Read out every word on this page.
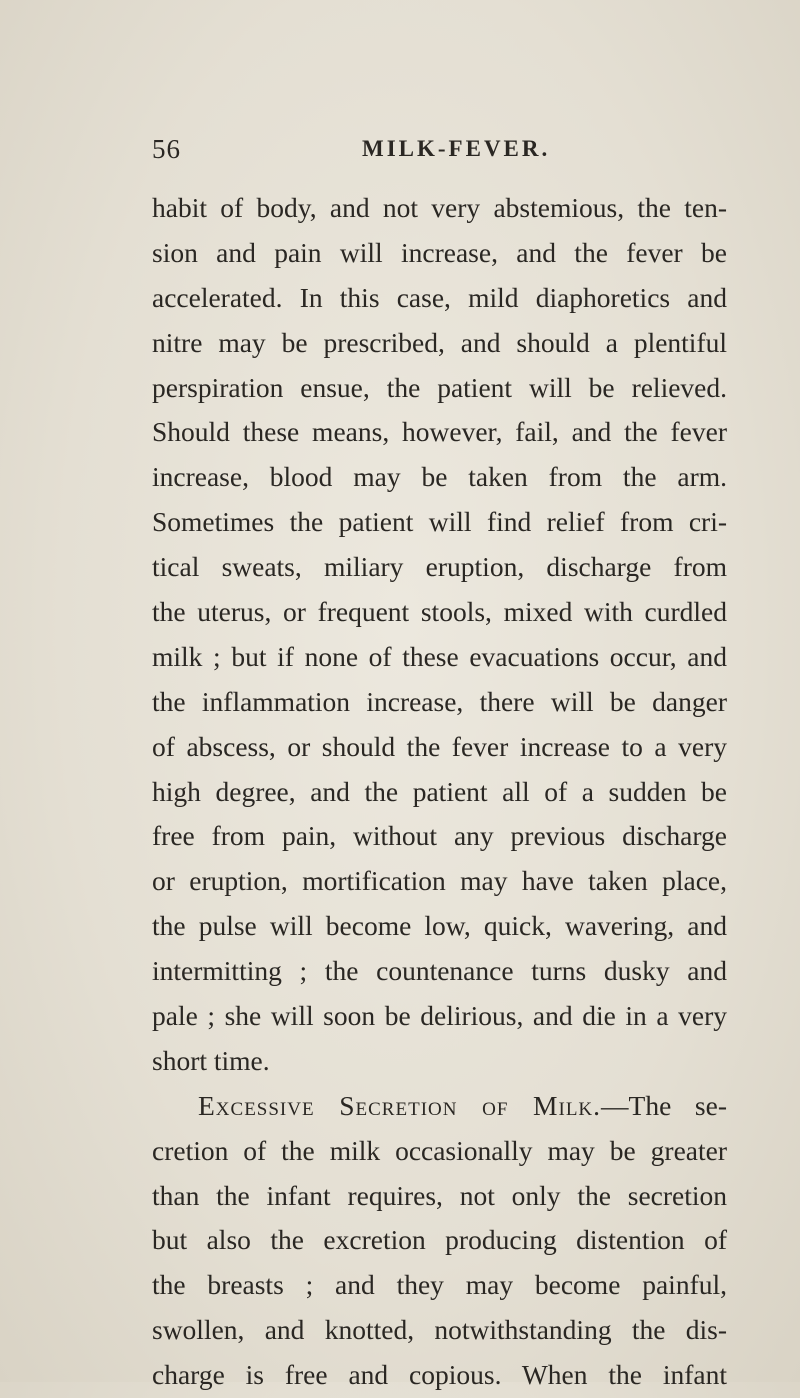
56	MILK-FEVER.
habit of body, and not very abstemious, the ten-
sion and pain will increase, and the fever be
accelerated. In this case, mild diaphoretics and
nitre may be prescribed, and should a plentiful
perspiration ensue, the patient will be relieved.
Should these means, however, fail, and the fever
increase, blood may be taken from the arm.
Sometimes the patient will find relief from cri-
tical sweats, miliary eruption, discharge from
the uterus, or frequent stools, mixed with curdled
milk ; but if none of these evacuations occur, and
the inflammation increase, there will be danger
of abscess, or should the fever increase to a very
high degree, and the patient all of a sudden be
free from pain, without any previous discharge
or eruption, mortification may have taken place,
the pulse will become low, quick, wavering, and
intermitting ; the countenance turns dusky and
pale ; she will soon be delirious, and die in a very
short time.
Excessive Secretion of Milk.—The se-
cretion of the milk occasionally may be greater
than the infant requires, not only the secretion
but also the excretion producing distention of
the breasts ; and they may become painful,
swollen, and knotted, notwithstanding the dis-
charge is free and copious. When the infant
